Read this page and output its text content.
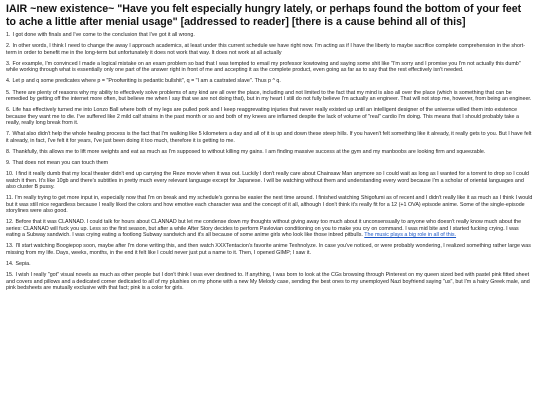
IAIR ~new existence~ "Have you felt especially hungry lately, or perhaps found the bottom of your feet to ache a little after menial usage" [addressed to reader] [there is a cause behind all of this]

1. I got done with finals and I've come to the conclusion that I've got it all wrong.

2. In other words, I think I need to change the away I approach academics, at least under this current schedule we have right now. I'm acting as if I have the liberty to maybe sacrifice complete comprehension in the short-term in order to benefit me in the long-term but unfortunately it does not work that way. It does not work at all actually

3. For example, I'm convinced I made a logical mistake on an exam problem so bad that I was tempted to email my professor kowtowing and saying some shit like "I'm sorry and I promise you I'm not actually this dumb" while working through what is essentially only one part of the answer right in front of me and accepting it as the complete product, even going as far as to say that the rest effectively isn't needed.

4. Let p and q some predicates where p = "Proofwriting is pedantic bullshit", q = "I am a castrated slave". Thus p ^ q.

5. There are plenty of reasons why my ability to effectively solve problems of any kind are all over the place, including and not limited to the fact that my mind is also all over the place (which is something that can be remedied by getting off the internet more often, but believe me when I say that we are not doing that), but in my heart I still do not fully believe I'm actually an engineer. That will not stop me, however, from being an engineer.

6. Life has effectively turned me into Lonzo Ball where both of my legs are pulled pork and I keep reaggrevating injuries that never really existed up until an intelligent designer of the universe willed them into existence because they want me to die. I've suffered like 2 mild calf strains in the past month or so and both of my knees are inflamed despite the lack of volume of "real" cardio I'm doing. This means that I should probably take a really, really long break from it.

7. What also didn't help the whole healing process is the fact that I'm walking like 5 kilometers a day and all of it is up and down these steep hills. If you haven't felt something like it already, it really gets to you. But I have felt it already, in fact, I've felt it for years, I've just been doing it too much, therefore it is getting to me.

8. Thankfully, this allows me to lift more weights and eat as much as I'm supposed to without killing my gains. I am finding massive success at the gym and my manboobs are looking firm and squeezable.

9. That does not mean you can touch them

10. I find it really dumb that my local theater didn't end up carrying the Reze movie when it was out. Luckily I don't really care about Chainsaw Man anymore so I could wait as long as I wanted for a torrent to drop so I could watch it then. It's like 10gb and there's subtitles in pretty much every relevant language except for Japanese. I will be watching without them and understanding every word because I'm a scholar of oriental languages and also cluster B pussy.

11. I'm really trying to get more input in, especially now that I'm on break and my schedule's gonna be easier the next time around. I finished watching Shigofumi as of recent and I didn't really like it as much as I think I would but it was still nice regardless because I really liked the colors and how emotive each character was and the concept of it all, although I don't think it's really fit for a 12 (+1 OVA) episode anime. Some of the single-episode storylines were also good.

12. Before that it was CLANNAD. I could talk for hours about CLANNAD but let me condense down my thoughts without giving away too much about it unconsensually to anyone who doesn't really know much about the series: CLANNAD will fuck you up. Less so the first season, but after a while After Story decides to perform Pavlovian conditioning on you to make you cry on command. I was mid bite and I started fucking crying. I was eating a Subway sandwich. I was crying eating a footlong Subway sandwich and it's all because of some anime girls who look like those inbred pitbulls. The music plays a big role in all of this.

13. I'll start watching Boogiepop soon, maybe after I'm done writing this, and then watch XXXTentacion's favorite anime Texhnolyze. In case you've noticed, or were probably wondering, I realized something rather large was missing from my life. Days, weeks, months, in the end it felt like I could never just put a name to it. Then, I opened GIMP; I saw it.

14. Sepia.

15. I wish I really "got" visual novels as much as other people but I don't think I was ever destined to. If anything, I was born to look at the CGs browsing through Pinterest on my queen sized bed with pastel pink fitted sheet and covers and pillows and a dedicated corner dedicated to all of my plushies on my phone with a new My Melody case, sending the best ones to my unemployed Nazi boyfriend saying "us", but I'm a hairy Greek male, and pink bedsheets are mutually exclusive with that fact; pink is a color for girls.
